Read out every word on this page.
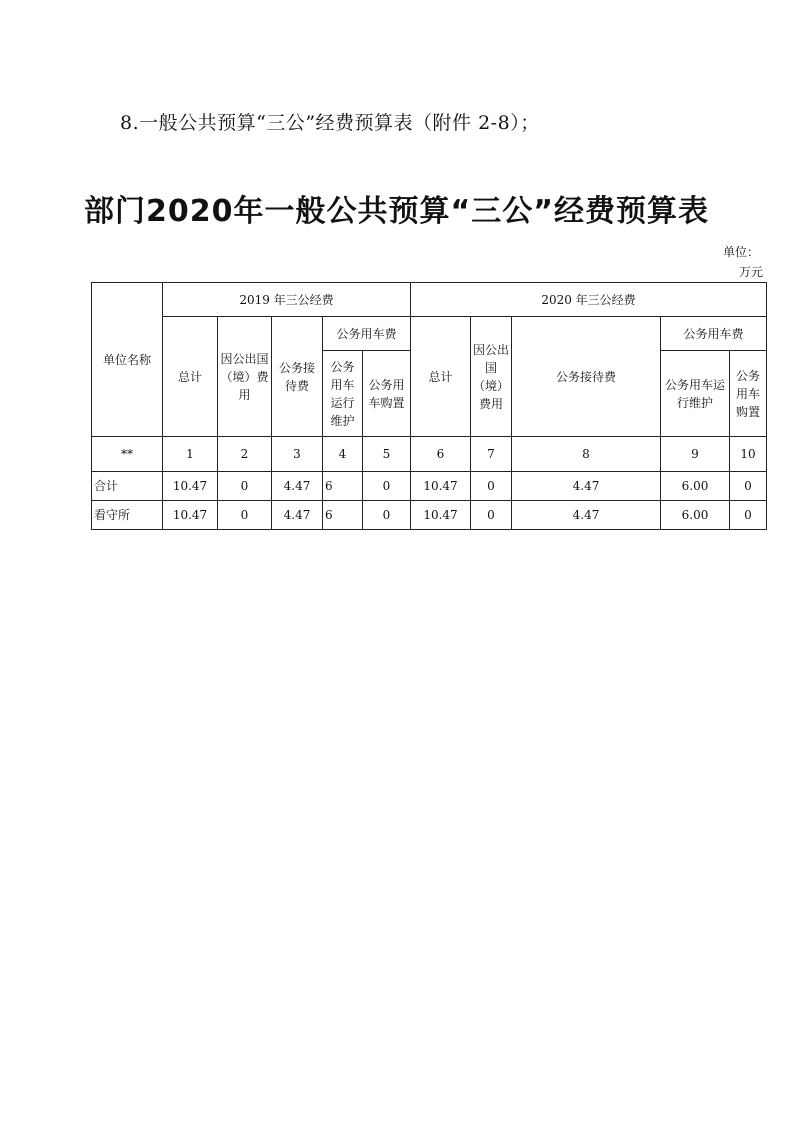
8.一般公共预算“三公”经费预算表（附件 2-8）；
部门2020年一般公共预算“三公”经费预算表
单位：
万元
单位名称	2019 年三公经费					2020 年三公经费				
	总计	因公出国（境）费用	公务接待费	公务用车费		总计	因公出国（境）费用	公务接待费	公务用车费	
				公务用车运行维护	公务用车购置				公务用车运行维护	公务用车购置
**	1	2	3	4	5	6	7	8	9	10
合计	10.47	0	4.47	6	0	10.47	0	4.47	6.00	0
看守所	10.47	0	4.47	6	0	10.47	0	4.47	6.00	0
